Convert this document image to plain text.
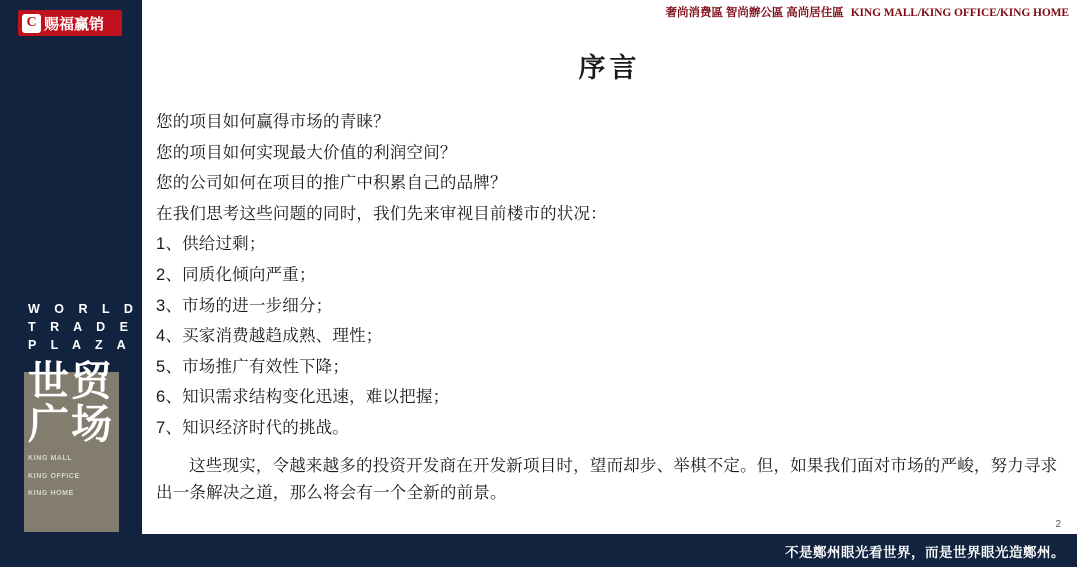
C 赐福赢销
W O R L D
T R A D E
P L A Z A
世贸
广场
KING MALL
KING OFFICE
KING HOME
奢尚消费區 智尚辦公區 高尚居住區 KING MALL/KING OFFICE/KING HOME
序言
您的项目如何赢得市场的青睐？
您的项目如何实现最大价值的利润空间？
您的公司如何在项目的推广中积累自己的品牌？
在我们思考这些问题的同时，我们先来审视目前楼市的状况：
1、供给过剩；
2、同质化倾向严重；
3、市场的进一步细分；
4、买家消费越趋成熟、理性；
5、市场推广有效性下降；
6、知识需求结构变化迅速，难以把握；
7、知识经济时代的挑战。
这些现实，令越来越多的投资开发商在开发新项目时，望而却步、举棋不定。但，如果我们面对市场的严峻，努力寻求出一条解决之道，那么将会有一个全新的前景。
2
不是鄭州眼光看世界，而是世界眼光造鄭州。
